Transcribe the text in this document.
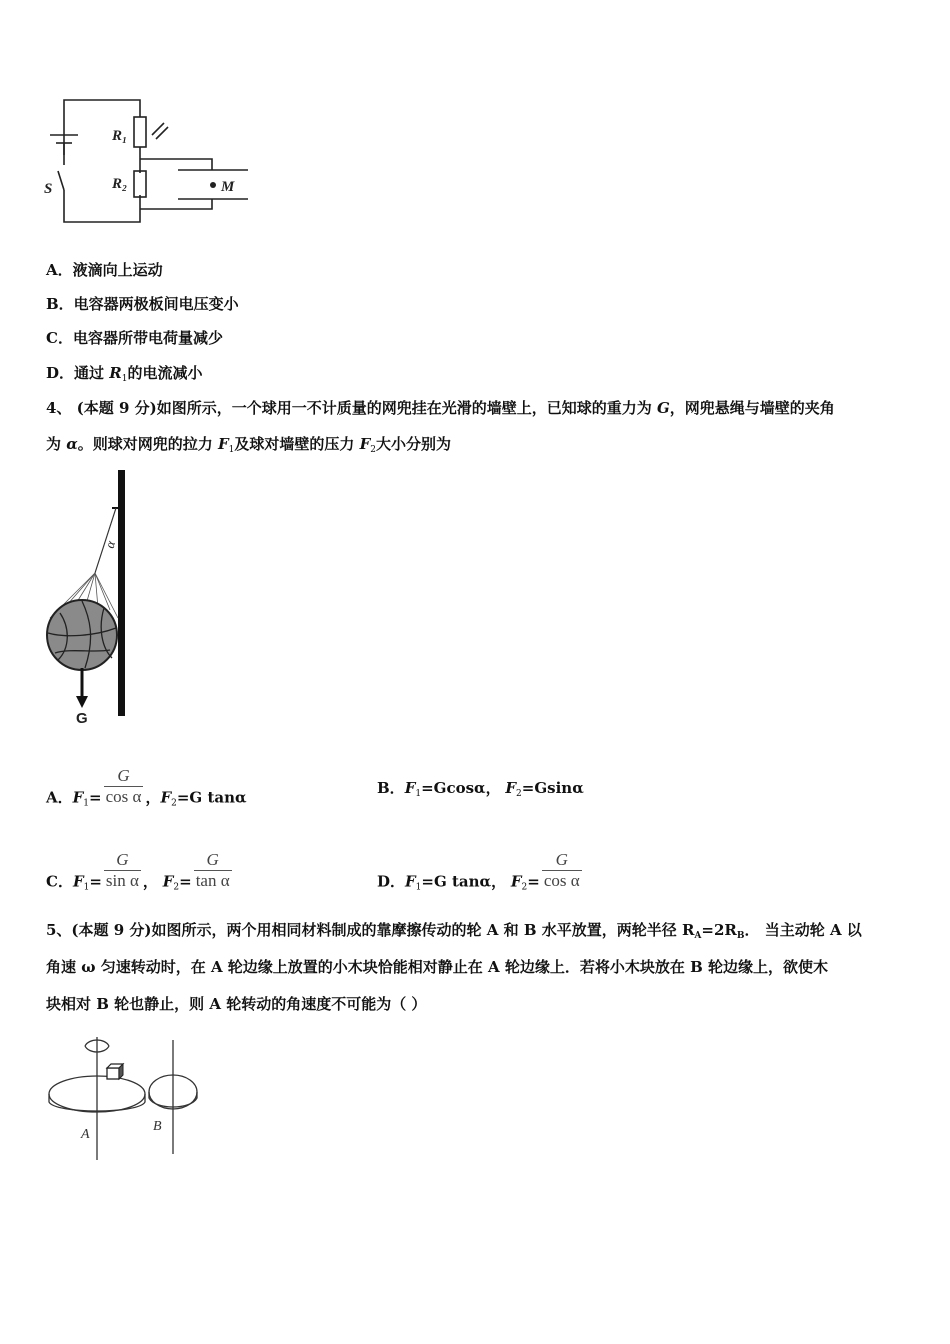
R₁
R₂
S	M
A．液滴向上运动
B．电容器两极板间电压变小
C．电容器所带电荷量减少
D．通过 $R_1$的电流减小
4、 (本题 9 分)如图所示，一个球用一不计质量的网兜挂在光滑的墙壁上，已知球的重力为 G，网兜悬绳与墙壁的夹角
为 α。则球对网兜的拉力 $F_1$及球对墙壁的压力 $F_2$大小分别为
α
G
A．$F_1= \frac{G}{\text{cos α}}$ ，$F_2=G$ tanα
B．$F_1=Gcos\alpha$， $F_2=Gsin\alpha$
C．$F_1= \frac{G}{\text{sin α}}$ ， $F_2= \frac{G}{\text{tan α}}$	D．$F_1=G$ tanα， $F_2= \frac{G}{\text{cos α}}$
5、(本题 9 分)如图所示，两个用相同材料制成的靠摩擦传动的轮 A 和 B 水平放置，两轮半径 $R_A=2R_B$． 当主动轮 A 以
角速 ω 匀速转动时，在 A 轮边缘上放置的小木块恰能相对静止在 A 轮边缘上．若将小木块放在 B 轮边缘上，欲使木
块相对 B 轮也静止，则 A 轮转动的角速度不可能为（ ）
A
B
